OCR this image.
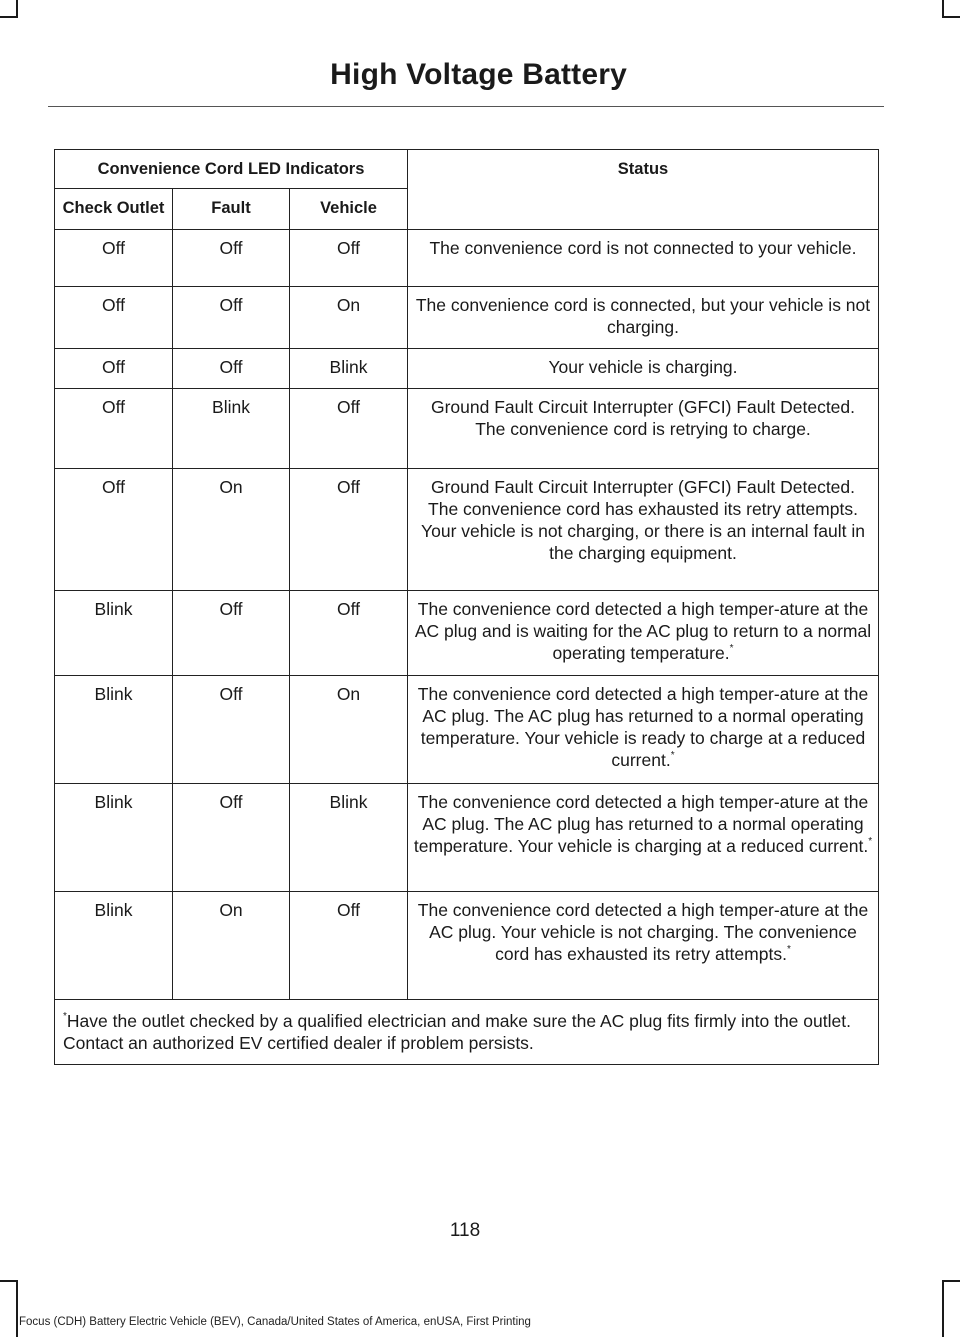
High Voltage Battery
Convenience Cord LED Indicators			Status
Check Outlet	Fault	Vehicle	
Off	Off	Off	The convenience cord is not connected to your vehicle.

Off	Off	On	The convenience cord is connected, but your vehicle is not charging.

Off	Off	Blink	Your vehicle is charging.

Off	Blink	Off	Ground Fault Circuit Interrupter (GFCI) Fault Detected.
The convenience cord is retrying to charge.

Off	On	Off	Ground Fault Circuit Interrupter (GFCI) Fault Detected.
The convenience cord has exhausted its retry attempts. Your vehicle is not charging, or there is an internal fault in the charging equipment.

Blink	Off	Off	The convenience cord detected a high temper-ature at the AC plug and is waiting for the AC plug to return to a normal operating temperature.*
Blink	Off	On	The convenience cord detected a high temper-ature at the AC plug. The AC plug has returned to a normal operating temperature. Your vehicle is ready to charge at a reduced current.*
Blink	Off	Blink	The convenience cord detected a high temper-ature at the AC plug. The AC plug has returned to a normal operating temperature. Your vehicle is charging at a reduced current.*
Blink	On	Off	The convenience cord detected a high temper-ature at the AC plug. Your vehicle is not charging. The convenience cord has exhausted its retry attempts.*
*Have the outlet checked by a qualified electrician and make sure the AC plug fits firmly into the outlet. Contact an authorized EV certified dealer if problem persists.			
118
Focus (CDH) Battery Electric Vehicle (BEV), Canada/United States of America, enUSA, First Printing
